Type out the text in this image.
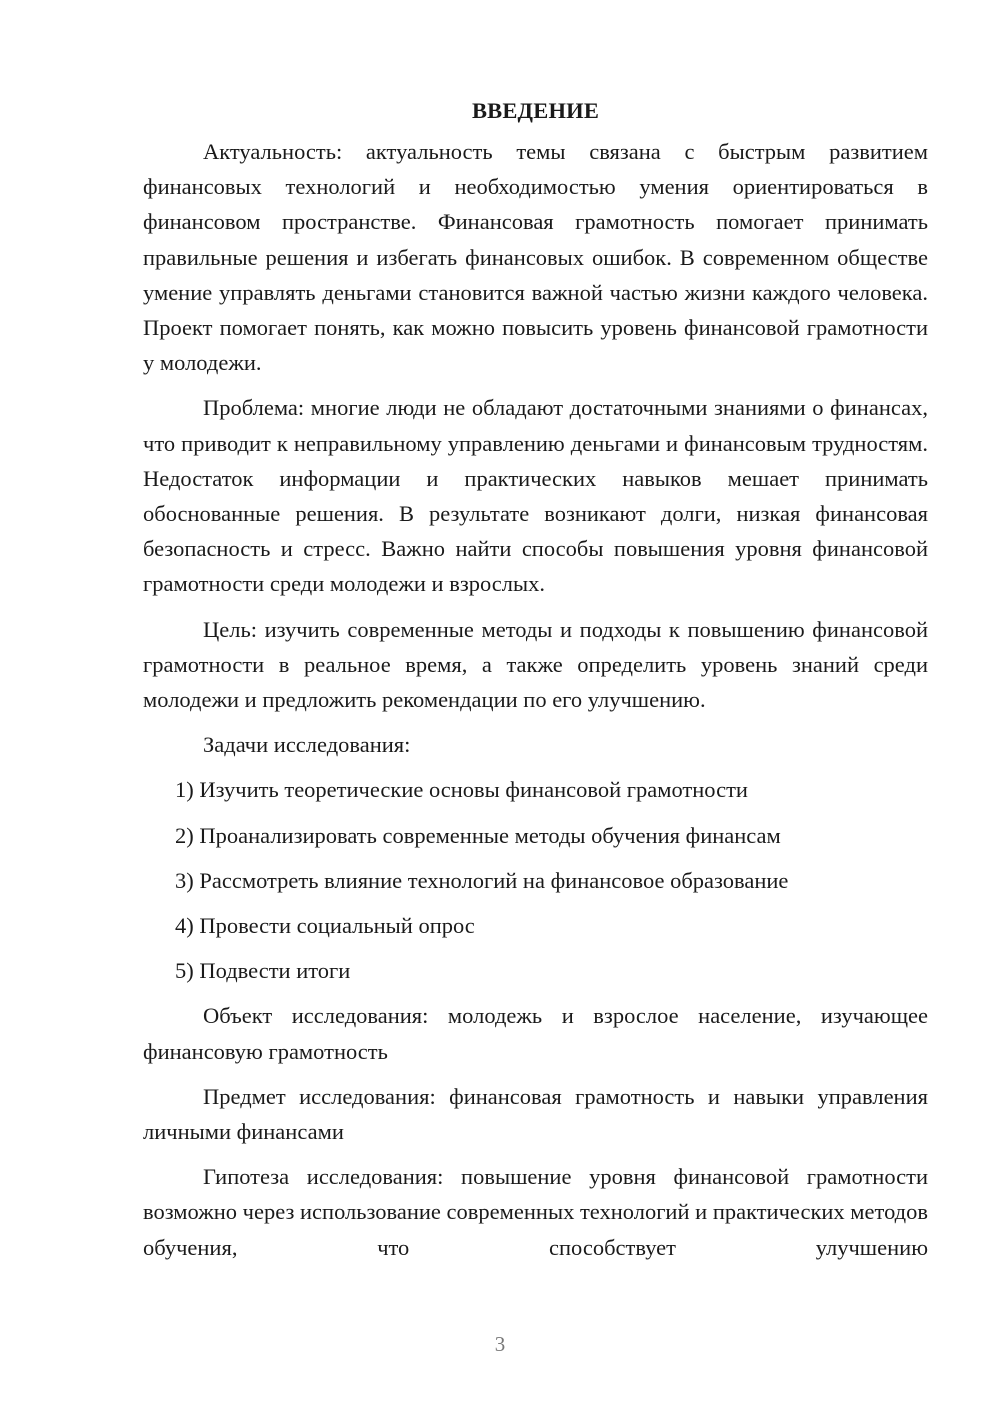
ВВЕДЕНИЕ

Актуальность: актуальность темы связана с быстрым развитием финансовых технологий и необходимостью умения ориентироваться в финансовом пространстве. Финансовая грамотность помогает принимать правильные решения и избегать финансовых ошибок. В современном обществе умение управлять деньгами становится важной частью жизни каждого человека. Проект помогает понять, как можно повысить уровень финансовой грамотности у молодежи.

Проблема: многие люди не обладают достаточными знаниями о финансах, что приводит к неправильному управлению деньгами и финансовым трудностям. Недостаток информации и практических навыков мешает принимать обоснованные решения. В результате возникают долги, низкая финансовая безопасность и стресс. Важно найти способы повышения уровня финансовой грамотности среди молодежи и взрослых.

Цель: изучить современные методы и подходы к повышению финансовой грамотности в реальное время, а также определить уровень знаний среди молодежи и предложить рекомендации по его улучшению.

Задачи исследования:

1) Изучить теоретические основы финансовой грамотности

2) Проанализировать современные методы обучения финансам

3) Рассмотреть влияние технологий на финансовое образование

4) Провести социальный опрос

5) Подвести итоги

Объект исследования: молодежь и взрослое население, изучающее финансовую грамотность

Предмет исследования: финансовая грамотность и навыки управления личными финансами

Гипотеза исследования: повышение уровня финансовой грамотности возможно через использование современных технологий и практических методов обучения, что способствует улучшению

3
